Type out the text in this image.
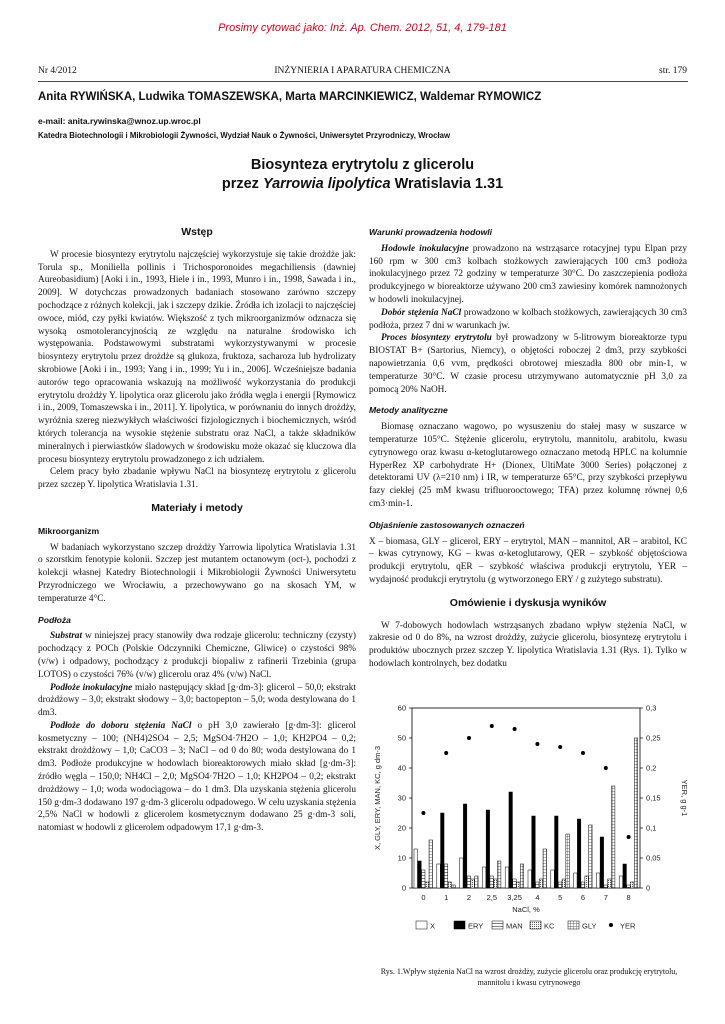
Prosimy cytować jako: Inż. Ap. Chem. 2012, 51, 4, 179-181
Nr 4/2012	INŻYNIERIA I APARATURA CHEMICZNA	str. 179
Anita RYWIŃSKA, Ludwika TOMASZEWSKA, Marta MARCINKIEWICZ, Waldemar RYMOWICZ
e-mail: anita.rywinska@wnoz.up.wroc.pl
Katedra Biotechnologii i Mikrobiologii Żywności, Wydział Nauk o Żywności, Uniwersytet Przyrodniczy, Wrocław
Biosynteza erytrytolu z glicerolu
przez Yarrowia lipolytica Wratislavia 1.31
Wstęp

W procesie biosyntezy erytrytolu najczęściej wykorzystuje się takie drożdże jak: Torula sp., Moniliella pollinis i Trichosporonoides megachiliensis (dawniej Aureobasidium) [Aoki i in., 1993, Hiele i in., 1993, Munro i in., 1998, Sawada i in., 2009]. W dotychczas prowadzonych badaniach stosowano zarówno szczepy pochodzące z różnych kolekcji, jak i szczepy dzikie. Źródła ich izolacji to najczęściej owoce, miód, czy pyłki kwiatów. Większość z tych mikroorganizmów odznacza się wysoką osmotolerancyjnością ze względu na naturalne środowisko ich występowania. Podstawowymi substratami wykorzystywanymi w procesie biosyntezy erytrytolu przez drożdże są glukoza, fruktoza, sacharoza lub hydrolizaty skrobiowe [Aoki i in., 1993; Yang i in., 1999; Yu i in., 2006]. Wcześniejsze badania autorów tego opracowania wskazują na możliwość wykorzystania do produkcji erytrytolu drożdży Y. lipolytica oraz glicerolu jako źródła węgla i energii [Rymowicz i in., 2009, Tomaszewska i in., 2011]. Y. lipolytica, w porównaniu do innych drożdży, wyróżnia szereg niezwykłych właściwości fizjologicznych i biochemicznych, wśród których tolerancja na wysokie stężenie substratu oraz NaCl, a także składników mineralnych i pierwiastków śladowych w środowisku może okazać się kluczowa dla procesu biosyntezy erytrytolu prowadzonego z ich udziałem.

Celem pracy było zbadanie wpływu NaCl na biosyntezę erytrytolu z glicerolu przez szczep Y. lipolytica Wratislavia 1.31.

Materiały i metody
Mikroorganizm

W badaniach wykorzystano szczep drożdży Yarrowia lipolytica Wratislavia 1.31 o szorstkim fenotypie kolonii. Szczep jest mutantem octanowym (oct-), pochodzi z kolekcji własnej Katedry Biotechnologii i Mikrobiologii Żywności Uniwersytetu Przyrodniczego we Wrocławiu, a przechowywano go na skosach YM, w temperaturze 4°C.

Podłoża

Substrat w niniejszej pracy stanowiły dwa rodzaje glicerolu: techniczny (czysty) pochodzący z POCh (Polskie Odczynniki Chemiczne, Gliwice) o czystości 98% (v/w) i odpadowy, pochodzący z produkcji biopaliw z rafinerii Trzebinia (grupa LOTOS) o czystości 76% (v/w) glicerolu oraz 4% (v/w) NaCl.

Podłoże inokulacyjne miało następujący skład [g·dm-3]: glicerol – 50,0; ekstrakt drożdżowy – 3,0; ekstrakt słodowy – 3,0; bactopepton – 5,0; woda destylowana do 1 dm3.

Podłoże do doboru stężenia NaCl o pH 3,0 zawierało [g·dm-3]: glicerol kosmetyczny – 100; (NH4)2SO4 – 2,5; MgSO4·7H2O – 1,0; KH2PO4 – 0,2; ekstrakt drożdżowy – 1,0; CaCO3 – 3; NaCl – od 0 do 80; woda destylowana do 1 dm3. Podłoże produkcyjne w hodowlach bioreaktorowych miało skład [g·dm-3]: źródło węgla – 150,0; NH4Cl – 2,0; MgSO4·7H2O – 1,0; KH2PO4 – 0,2; ekstrakt drożdżowy – 1,0; woda wodociągowa – do 1 dm3. Dla uzyskania stężenia glicerolu 150 g·dm-3 dodawano 197 g·dm-3 glicerolu odpadowego. W celu uzyskania stężenia 2,5% NaCl w hodowli z glicerolem kosmetycznym dodawano 25 g·dm-3 soli, natomiast w hodowli z glicerolem odpadowym 17,1 g·dm-3.

Warunki prowadzenia hodowli

Hodowle inokulacyjne prowadzono na wstrząsarce rotacyjnej typu Elpan przy 160 rpm w 300 cm3 kolbach stożkowych zawierających 100 cm3 podłoża inokulacyjnego przez 72 godziny w temperaturze 30°C. Do zaszczepienia podłoża produkcyjnego w bioreaktorze używano 200 cm3 zawiesiny komórek namnożonych w hodowli inokulacyjnej.

Dobór stężenia NaCl prowadzono w kolbach stożkowych, zawierających 30 cm3 podłoża, przez 7 dni w warunkach jw.

Proces biosyntezy erytrytolu był prowadzony w 5-litrowym bioreaktorze typu BIOSTAT B+ (Sartorius, Niemcy), o objętości roboczej 2 dm3, przy szybkości napowietrzania 0,6 vvm, prędkości obrotowej mieszadła 800 obr min-1, w temperaturze 30°C. W czasie procesu utrzymywano automatycznie pH 3,0 za pomocą 20% NaOH.

Metody analityczne

Biomasę oznaczano wagowo, po wysuszeniu do stałej masy w suszarce w temperaturze 105°C. Stężenie glicerolu, erytrytolu, mannitolu, arabitolu, kwasu cytrynowego oraz kwasu α-ketoglutarowego oznaczano metodą HPLC na kolumnie HyperRez XP carbohydrate H+ (Dionex, UltiMate 3000 Series) połączonej z detektorami UV (λ=210 nm) i IR, w temperaturze 65°C, przy szybkości przepływu fazy ciekłej (25 mM kwasu trifluorooctowego; TFA) przez kolumnę równej 0,6 cm3·min-1.

Objaśnienie zastosowanych oznaczeń

X – biomasa, GLY – glicerol, ERY – erytrytol, MAN – mannitol, AR – arabitol, KC – kwas cytrynowy, KG – kwas α-ketoglutarowy, QER – szybkość objętościowa produkcji erytrytolu, qER – szybkość właściwa produkcji erytrytolu, YER – wydajność produkcji erytrytolu (g wytworzonego ERY / g zużytego substratu).

Omówienie i dyskusja wyników

W 7-dobowych hodowlach wstrząsanych zbadano wpływ stężenia NaCl, w zakresie od 0 do 8%, na wzrost drożdży, zużycie glicerolu, biosyntezę erytrytolu i produktów ubocznych przez szczep Y. lipolytica Wratislavia 1.31 (Rys. 1). Tylko w hodowlach kontrolnych, bez dodatku

0
10
20
30
40
50
60
0
0,05
0,1
0,15
0,2
0,25
0,3
X, GLY, ERY, MAN, KC, g dm-3	YER, g g-1
0 1 2 2,5 3,25 4 5 6 7 8
NaCl, %
X	ERY	MAN	KC	GLY	YER
Rys. 1.Wpływ stężenia NaCl na wzrost drożdży, zużycie glicerolu oraz produkcję erytrytolu, mannitolu i kwasu cytrynowego
